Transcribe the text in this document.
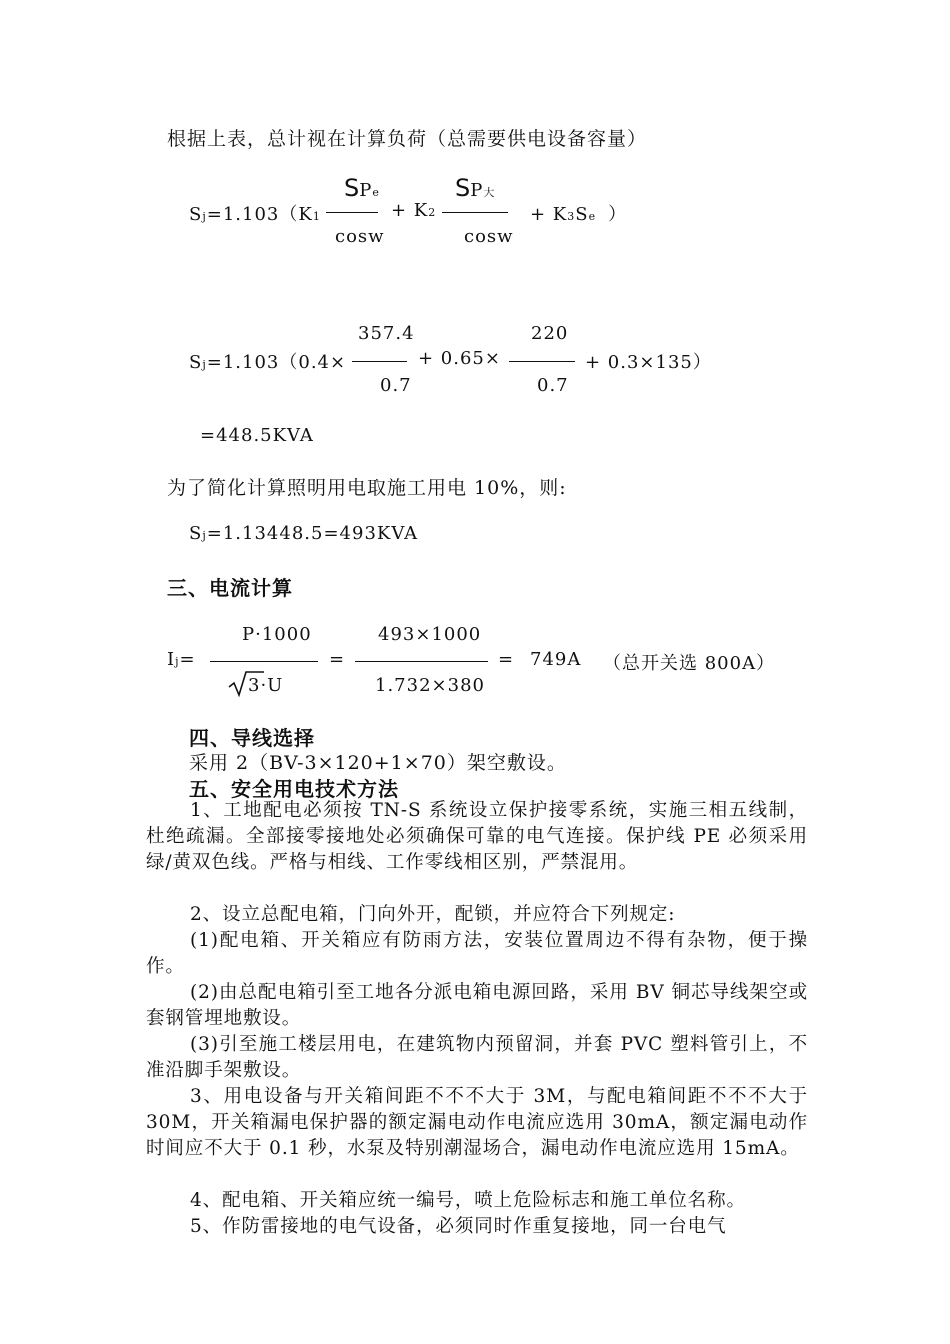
根据上表，总计视在计算负荷（总需要供电设备容量）
Sj=1.103（K1
SPe
cosw
+ K2
SP大
cosw
+ K3Se ）
Sj=1.103（0.4×
357.4
0.7
+ 0.65×
220
0.7
+ 0.3×135）
=448.5KVA
为了简化计算照明用电取施工用电 10%，则:
Sj=1.13448.5=493KVA
三、电流计算
Ij=
P·1000
3·U
=
493×1000
1.732×380
= 749A （总开关选 800A）
四、导线选择
采用 2（BV-3×120+1×70）架空敷设。
五、安全用电技术方法
1、工地配电必须按 TN-S 系统设立保护接零系统，实施三相五线制，杜绝疏漏。全部接零接地处必须确保可靠的电气连接。保护线 PE 必须采用绿/黄双色线。严格与相线、工作零线相区别，严禁混用。
2、设立总配电箱，门向外开，配锁，并应符合下列规定:
(1)配电箱、开关箱应有防雨方法，安装位置周边不得有杂物，便于操作。
(2)由总配电箱引至工地各分派电箱电源回路，采用 BV 铜芯导线架空或套钢管埋地敷设。
(3)引至施工楼层用电，在建筑物内预留洞，并套 PVC 塑料管引上，不准沿脚手架敷设。
3、用电设备与开关箱间距不不不大于 3M，与配电箱间距不不不大于 30M，开关箱漏电保护器的额定漏电动作电流应选用 30mA，额定漏电动作时间应不大于 0.1 秒，水泵及特别潮湿场合，漏电动作电流应选用 15mA。
4、配电箱、开关箱应统一编号，喷上危险标志和施工单位名称。
5、作防雷接地的电气设备，必须同时作重复接地，同一台电气
